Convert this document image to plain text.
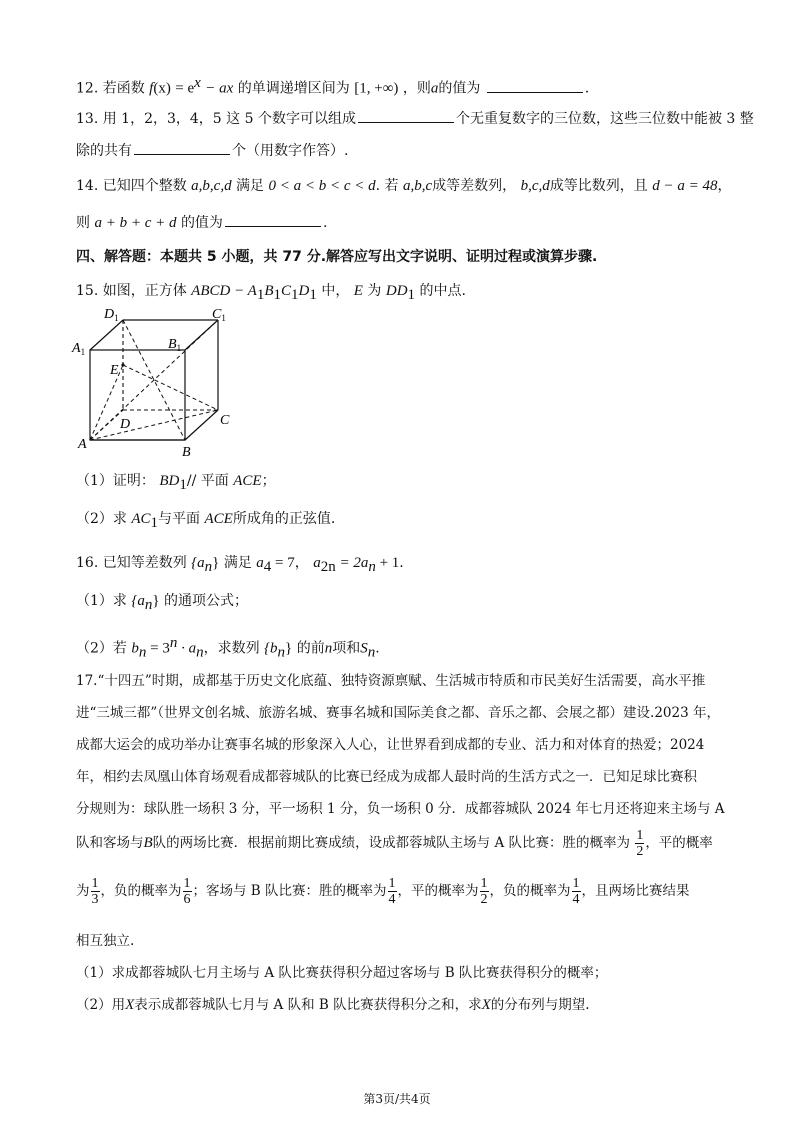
12. 若函数 $f(x) = e^x$ − ax 的单调递增区间为 [1, +∞) ，则a的值为	.
13. 用 1，2，3，4，5 这 5 个数字可以组成	个无重复数字的三位数，这些三位数中能被 3 整
除的共有	个（用数字作答）.
14. 已知四个整数 a,b,c,d 满足 0 < a < b < c < d. 若 a,b,c成等差数列， b,c,d成等比数列，且 d − a = 48，
则 a + b + c + d 的值为	.
四、解答题：本题共 5 小题，共 77 分.解答应写出文字说明、证明过程或演算步骤.
15. 如图，正方体 ABCD − $A_1B_1C_1D_1$ 中， E 为 $DD_1$ 的中点.
$D_1$	$C_1$
$A_1$	$B_1$
E
D	C
A
B
（1）证明： $BD_1//$ 平面 ACE；
（2）求 $AC_1$与平面 ACE所成角的正弦值.
16. 已知等差数列 $\{a_n\}$ 满足 $a_4 = 7$， $a_{2n} = 2a_n + 1$.
（1）求 $\{a_n\}$ 的通项公式；
（2）若 $b_n = 3^n \cdot a_n$，求数列 $\{b_n\}$ 的前n项和$S_n$.
17.“十四五”时期，成都基于历史文化底蕴、独特资源禀赋、生活城市特质和市民美好生活需要，高水平推
进“三城三都”（世界文创名城、旅游名城、赛事名城和国际美食之都、音乐之都、会展之都）建设.2023 年，
成都大运会的成功举办让赛事名城的形象深入人心，让世界看到成都的专业、活力和对体育的热爱；2024
年，相约去凤凰山体育场观看成都蓉城队的比赛已经成为成都人最时尚的生活方式之一．已知足球比赛积
分规则为：球队胜一场积 3 分，平一场积 1 分，负一场积 0 分．成都蓉城队 2024 年七月还将迎来主场与 A
队和客场与B队的两场比赛．根据前期比赛成绩，设成都蓉城队主场与 A 队比赛：胜的概率为 $\frac{1}{2}$ ，平的概率
为 $\frac{1}{3}$ ，负的概率为 $\frac{1}{6}$ ；客场与 B 队比赛：胜的概率为 $\frac{1}{4}$ ，平的概率为 $\frac{1}{2}$ ，负的概率为 $\frac{1}{4}$ ，且两场比赛结果
相互独立.
（1）求成都蓉城队七月主场与 A 队比赛获得积分超过客场与 B 队比赛获得积分的概率；
（2）用X表示成都蓉城队七月与 A 队和 B 队比赛获得积分之和，求X的分布列与期望.
第3页/共4页
